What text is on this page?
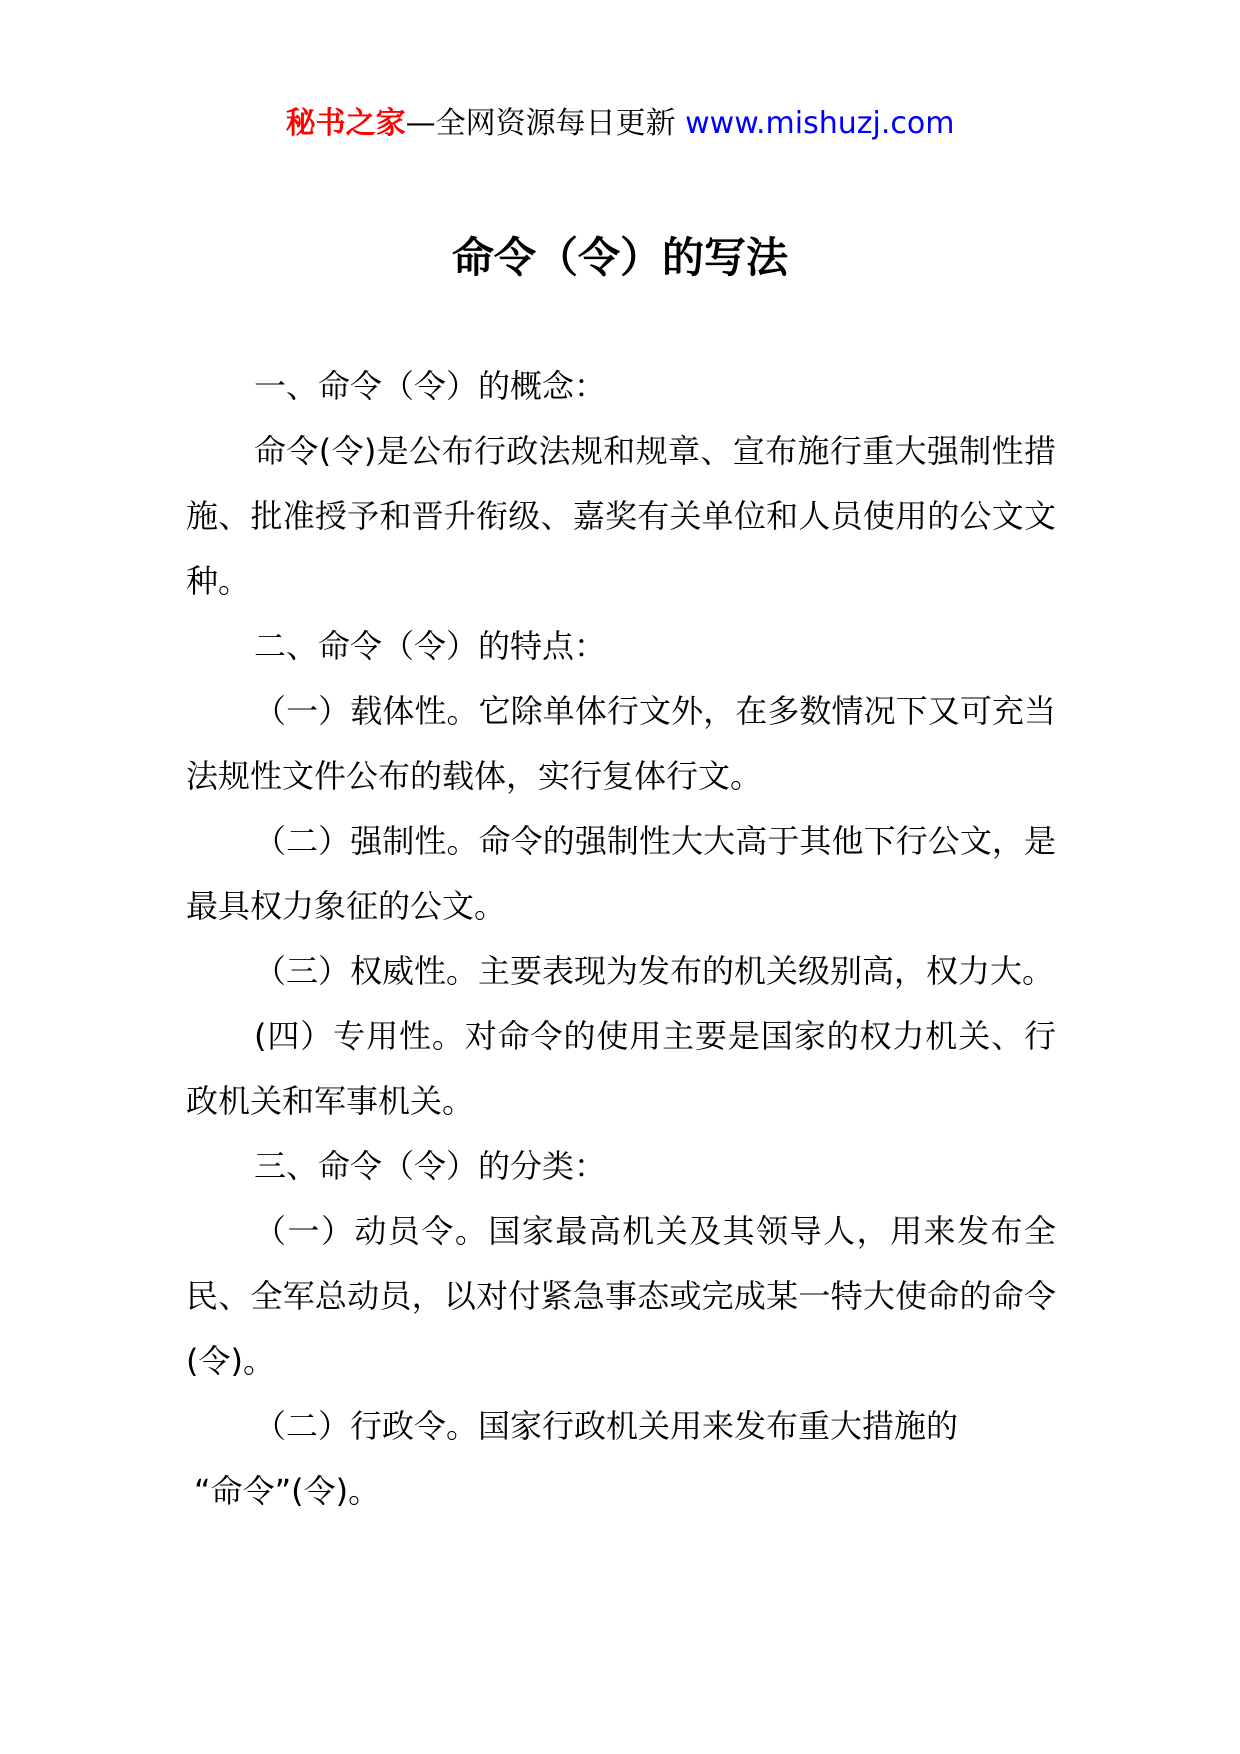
秘书之家—全网资源每日更新 www.mishuzj.com
命令（令）的写法

一、命令（令）的概念：

命令(令)是公布行政法规和规章、宣布施行重大强制性措施、批准授予和晋升衔级、嘉奖有关单位和人员使用的公文文种。

二、命令（令）的特点：

（一）载体性。它除单体行文外，在多数情况下又可充当法规性文件公布的载体，实行复体行文。

（二）强制性。命令的强制性大大高于其他下行公文，是最具权力象征的公文。

（三）权威性。主要表现为发布的机关级别高，权力大。

(四）专用性。对命令的使用主要是国家的权力机关、行政机关和军事机关。

三、命令（令）的分类：

（一）动员令。国家最高机关及其领导人，用来发布全民、全军总动员，以对付紧急事态或完成某一特大使命的命令(令)。

（二）行政令。国家行政机关用来发布重大措施的

“命令”(令)。
